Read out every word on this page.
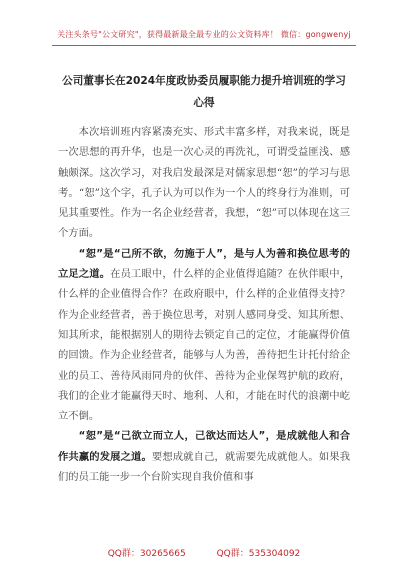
关注头条号"公文研究"，获得最新最全最专业的公文资料库！ 微信：gongwenyj
公司董事长在2024年度政协委员履职能力提升培训班的学习心得

本次培训班内容紧凑充实、形式丰富多样，对我来说，既是一次思想的再升华，也是一次心灵的再洗礼，可谓受益匪浅、感触颇深。这次学习，对我启发最深是对儒家思想“恕”的学习与思考。“恕”这个字，孔子认为可以作为一个人的终身行为准则，可见其重要性。作为一名企业经营者，我想，“恕”可以体现在这三个方面。

“恕”是“己所不欲，勿施于人”，是与人为善和换位思考的立足之道。在员工眼中，什么样的企业值得追随？在伙伴眼中，什么样的企业值得合作？在政府眼中，什么样的企业值得支持？作为企业经营者，善于换位思考，对别人感同身受、知其所想、知其所求，能根据别人的期待去锁定自己的定位，才能赢得价值的回馈。作为企业经营者，能够与人为善，善待把生计托付给企业的员工、善待风雨同舟的伙伴、善待为企业保驾护航的政府，我们的企业才能赢得天时、地利、人和，才能在时代的浪潮中屹立不倒。

“恕”是“己欲立而立人，己欲达而达人”，是成就他人和合作共赢的发展之道。要想成就自己，就需要先成就他人。如果我们的员工能一步一个台阶实现自我价值和事

QQ群：30265665	QQ群：535304092
